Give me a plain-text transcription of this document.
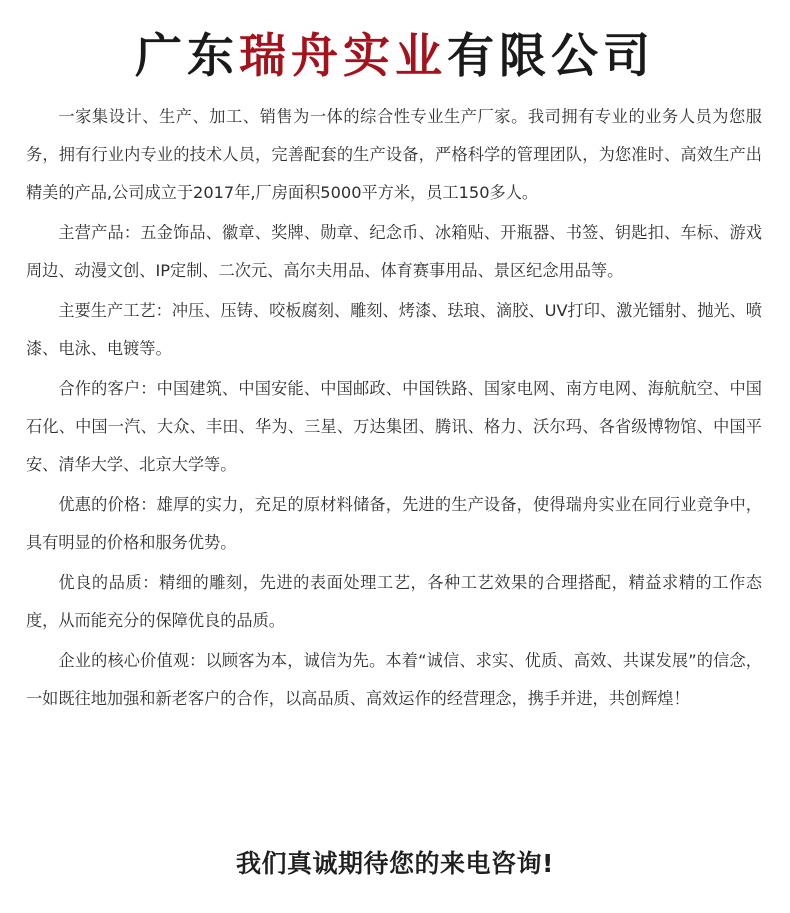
广东瑞舟实业有限公司

一家集设计、生产、加工、销售为一体的综合性专业生产厂家。我司拥有专业的业务人员为您服务，拥有行业内专业的技术人员，完善配套的生产设备，严格科学的管理团队，为您准时、高效生产出精美的产品,公司成立于2017年,厂房面积5000平方米，员工150多人。

主营产品：五金饰品、徽章、奖牌、勋章、纪念币、冰箱贴、开瓶器、书签、钥匙扣、车标、游戏周边、动漫文创、IP定制、二次元、高尔夫用品、体育赛事用品、景区纪念用品等。

主要生产工艺：冲压、压铸、咬板腐刻、雕刻、烤漆、珐琅、滴胶、UV打印、激光镭射、抛光、喷漆、电泳、电镀等。

合作的客户：中国建筑、中国安能、中国邮政、中国铁路、国家电网、南方电网、海航航空、中国石化、中国一汽、大众、丰田、华为、三星、万达集团、腾讯、格力、沃尔玛、各省级博物馆、中国平安、清华大学、北京大学等。

优惠的价格：雄厚的实力，充足的原材料储备，先进的生产设备，使得瑞舟实业在同行业竞争中，具有明显的价格和服务优势。

优良的品质：精细的雕刻，先进的表面处理工艺，各种工艺效果的合理搭配，精益求精的工作态度，从而能充分的保障优良的品质。

企业的核心价值观：以顾客为本，诚信为先。本着“诚信、求实、优质、高效、共谋发展”的信念，一如既往地加强和新老客户的合作，以高品质、高效运作的经营理念，携手并进，共创辉煌！

我们真诚期待您的来电咨询!
